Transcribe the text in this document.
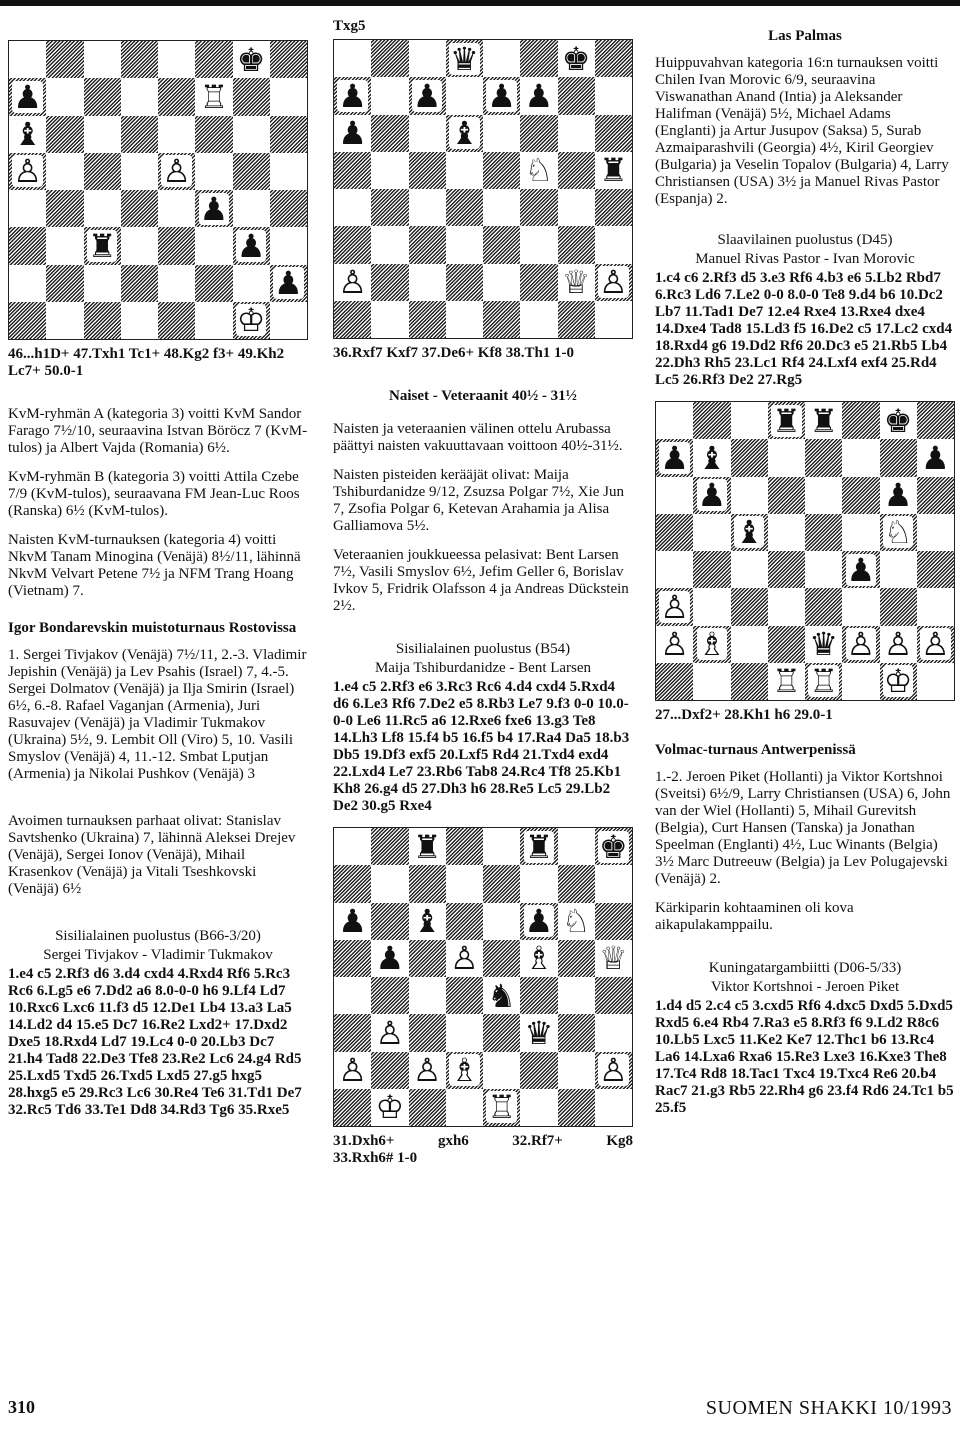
♚
♟	♖
♝
♙	♙
♟
♜	♟
♟
♔

46...h1D+ 47.Txh1 Tc1+ 48.Kg2 f3+ 49.Kh2 Lc7+ 50.0-1

KvM-ryhmän A (kategoria 3) voitti KvM Sandor Farago 7½/10, seuraavina Istvan Böröcz 7 (KvM-tulos) ja Albert Vajda (Romania) 6½.

KvM-ryhmän B (kategoria 3) voitti Attila Czebe 7/9 (KvM-tulos), seuraavana FM Jean-Luc Roos (Ranska) 6½ (KvM-tulos).

Naisten KvM-turnauksen (kategoria 4) voitti NkvM Tanam Minogina (Venäjä) 8½/11, lähinnä NkvM Velvart Petene 7½ ja NFM Trang Hoang (Vietnam) 7.

Igor Bondarevskin muistoturnaus Rostovissa

1. Sergei Tivjakov (Venäjä) 7½/11, 2.-3. Vladimir Jepishin (Venäjä) ja Lev Psahis (Israel) 7, 4.-5. Sergei Dolmatov (Venäjä) ja Ilja Smirin (Israel) 6½, 6.-8. Rafael Vaganjan (Armenia), Juri Rasuvajev (Venäjä) ja Vladimir Tukmakov (Ukraina) 5½, 9. Lembit Oll (Viro) 5, 10. Vasili Smyslov (Venäjä) 4, 11.-12. Smbat Lputjan (Armenia) ja Nikolai Pushkov (Venäjä) 3

Avoimen turnauksen parhaat olivat: Stanislav Savtshenko (Ukraina) 7, lähinnä Aleksei Drejev (Venäjä), Sergei Ionov (Venäjä), Mihail Krasenkov (Venäjä) ja Vitali Tseshkovski (Venäjä) 6½

Sisilialainen puolustus (B66-3/20)

Sergei Tivjakov - Vladimir Tukmakov

1.e4 c5 2.Rf3 d6 3.d4 cxd4 4.Rxd4 Rf6 5.Rc3 Rc6 6.Lg5 e6 7.Dd2 a6 8.0-0-0 h6 9.Lf4 Ld7 10.Rxc6 Lxc6 11.f3 d5 12.De1 Lb4 13.a3 La5 14.Ld2 d4 15.e5 Dc7 16.Re2 Lxd2+ 17.Dxd2 Dxe5 18.Rxd4 Ld7 19.Lc4 0-0 20.Lb3 Dc7 21.h4 Tad8 22.De3 Tfe8 23.Re2 Lc6 24.g4 Rd5 25.Lxd5 Txd5 26.Txd5 Lxd5 27.g5 hxg5 28.hxg5 e5 29.Rc3 Lc6 30.Re4 Te6 31.Td1 De7 32.Rc5 Td6 33.Te1 Dd8 34.Rd3 Tg6 35.Rxe5

Txg5
♛	♚
♟ ♟ ♟ ♟
♟	♝
♘ ♜
♙	♕ ♙

36.Rxf7 Kxf7 37.De6+ Kf8 38.Th1 1-0

Naiset - Veteraanit 40½ - 31½

Naisten ja veteraanien välinen ottelu Arubassa päättyi naisten vakuuttavaan voittoon 40½-31½.

Naisten pisteiden kerääjät olivat: Maija Tshiburdanidze 9/12, Zsuzsa Polgar 7½, Xie Jun 7, Zsofia Polgar 6, Ketevan Arahamia ja Alisa Galliamova 5½.

Veteraanien joukkueessa pelasivat: Bent Larsen 7½, Vasili Smyslov 6½, Jefim Geller 6, Borislav Ivkov 5, Fridrik Olafsson 4 ja Andreas Dückstein 2½.

Sisilialainen puolustus (B54)

Maija Tshiburdanidze - Bent Larsen

1.e4 c5 2.Rf3 e6 3.Rc3 Rc6 4.d4 cxd4 5.Rxd4 d6 6.Le3 Rf6 7.De2 e5 8.Rb3 Le7 9.f3 0-0 10.0-0-0 Le6 11.Rc5 a6 12.Rxe6 fxe6 13.g3 Te8 14.Lh3 Lf8 15.f4 b5 16.f5 b4 17.Ra4 Da5 18.b3 Db5 19.Df3 exf5 20.Lxf5 Rd4 21.Txd4 exd4 22.Lxd4 Le7 23.Rb6 Tab8 24.Rc4 Tf8 25.Kb1 Kh8 26.g4 d5 27.Dh3 h6 28.Re5 Lc5 29.Lb2 De2 30.g5 Rxe4

♜	♜ ♚
♟ ♝	♟ ♘
♟ ♙ ♗ ♕
♞
♙	♛
♙ ♙ ♗	♙
♔	♖
31.Dxh6+	gxh6	32.Rf7+	Kg8
33.Rxh6# 1-0

Las Palmas

Huippuvahvan kategoria 16:n turnauksen voitti Chilen Ivan Morovic 6/9, seuraavina Viswanathan Anand (Intia) ja Aleksander Halifman (Venäjä) 5½, Michael Adams (Englanti) ja Artur Jusupov (Saksa) 5, Surab Azmaiparashvili (Georgia) 4½, Kiril Georgiev (Bulgaria) ja Veselin Topalov (Bulgaria) 4, Larry Christiansen (USA) 3½ ja Manuel Rivas Pastor (Espanja) 2.

Slaavilainen puolustus (D45)

Manuel Rivas Pastor - Ivan Morovic

1.c4 c6 2.Rf3 d5 3.e3 Rf6 4.b3 e6 5.Lb2 Rbd7 6.Rc3 Ld6 7.Le2 0-0 8.0-0 Te8 9.d4 b6 10.Dc2 Lb7 11.Tad1 De7 12.e4 Rxe4 13.Rxe4 dxe4 14.Dxe4 Tad8 15.Ld3 f5 16.De2 c5 17.Lc2 cxd4 18.Rxd4 g6 19.Dd2 Rf6 20.Dc3 e5 21.Rb5 Lb4 22.Dh3 Rh5 23.Lc1 Rf4 24.Lxf4 exf4 25.Rd4 Lc5 26.Rf3 De2 27.Rg5

♜ ♜ ♚
♟ ♝	♟
♟	♟
♝	♘
♟
♙
♙ ♗	♛ ♙ ♙ ♙
♖ ♖ ♔

27...Dxf2+ 28.Kh1 h6 29.0-1

Volmac-turnaus Antwerpenissä

1.-2. Jeroen Piket (Hollanti) ja Viktor Kortshnoi (Sveitsi) 6½/9, Larry Christiansen (USA) 6, John van der Wiel (Hollanti) 5, Mihail Gurevitsh (Belgia), Curt Hansen (Tanska) ja Jonathan Speelman (Englanti) 4½, Luc Winants (Belgia) 3½ Marc Dutreeuw (Belgia) ja Lev Polugajevski (Venäjä) 2.

Kärkiparin kohtaaminen oli kova aikapulakamppailu.

Kuningatargambiitti (D06-5/33)

Viktor Kortshnoi - Jeroen Piket

1.d4 d5 2.c4 c5 3.cxd5 Rf6 4.dxc5 Dxd5 5.Dxd5 Rxd5 6.e4 Rb4 7.Ra3 e5 8.Rf3 f6 9.Ld2 R8c6 10.Lb5 Lxc5 11.Ke2 Ke7 12.Thc1 b6 13.Rc4 La6 14.Lxa6 Rxa6 15.Re3 Lxe3 16.Kxe3 The8 17.Tc4 Rd8 18.Tac1 Txc4 19.Txc4 Re6 20.b4 Rac7 21.g3 Rb5 22.Rh4 g6 23.f4 Rd6 24.Tc1 b5 25.f5

310	SUOMEN SHAKKI 10/1993
